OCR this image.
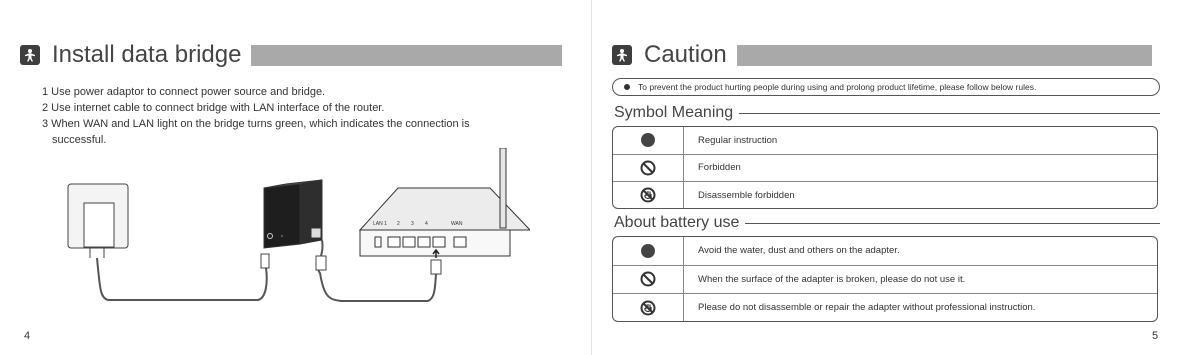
Install data bridge

1 Use power adaptor to connect power source and bridge.

2 Use internet cable to connect bridge with LAN interface of the router.

3 When WAN and LAN light on the bridge turns green, which indicates the connection is

successful.

LAN 1 2 3 4	WAN
4
Caution
To prevent the product hurting people during using and prolong product lifetime, please follow below rules.
Symbol Meaning
Regular instruction
Forbidden
Disassemble forbidden
About battery use
Avoid the water, dust and others on the adapter.
When the surface of the adapter is broken, please do not use it.
Please do not disassemble or repair the adapter without professional instruction.
5
